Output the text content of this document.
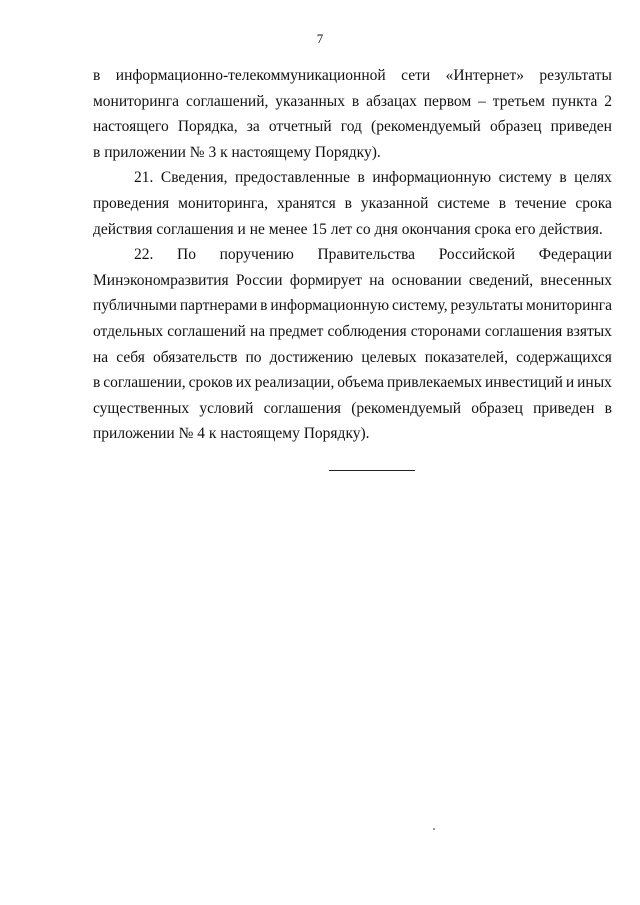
7
в информационно-телекоммуникационной сети «Интернет» результаты
мониторинга соглашений, указанных в абзацах первом – третьем пункта 2
настоящего Порядка, за отчетный год (рекомендуемый образец приведен
в приложении № 3 к настоящему Порядку).
21. Сведения, предоставленные в информационную систему в целях
проведения мониторинга, хранятся в указанной системе в течение срока
действия соглашения и не менее 15 лет со дня окончания срока его действия.
22. По поручению Правительства Российской Федерации
Минэкономразвития России формирует на основании сведений, внесенных
публичными партнерами в информационную систему, результаты мониторинга
отдельных соглашений на предмет соблюдения сторонами соглашения взятых
на себя обязательств по достижению целевых показателей, содержащихся
в соглашении, сроков их реализации, объема привлекаемых инвестиций и иных
существенных условий соглашения (рекомендуемый образец приведен в
приложении № 4 к настоящему Порядку).
